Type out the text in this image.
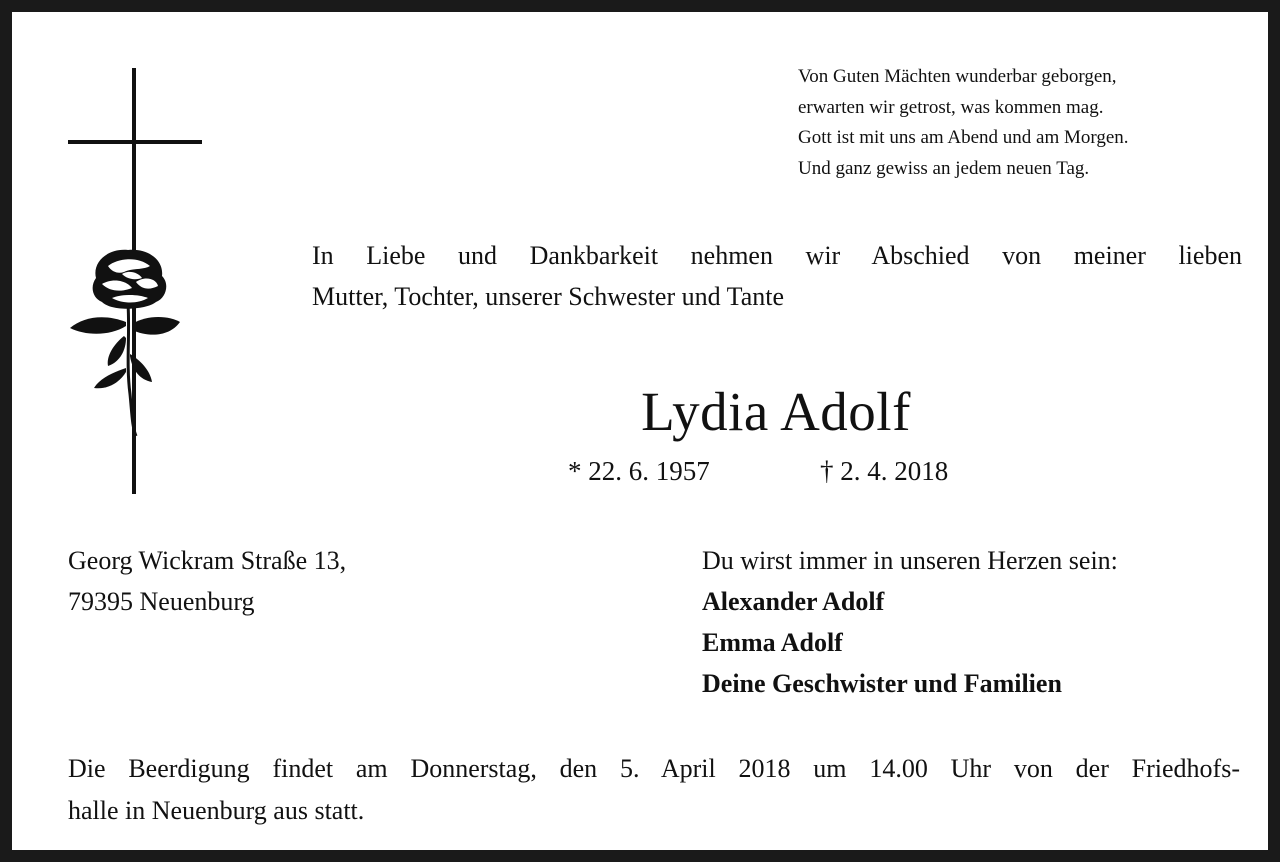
Von Guten Mächten wunderbar geborgen,
erwarten wir getrost, was kommen mag.
Gott ist mit uns am Abend und am Morgen.
Und ganz gewiss an jedem neuen Tag.
In Liebe und Dankbarkeit nehmen wir Abschied von meiner lieben
Mutter, Tochter, unserer Schwester und Tante
Lydia Adolf
* 22. 6. 1957	† 2. 4. 2018
Georg Wickram Straße 13,
79395 Neuenburg
Du wirst immer in unseren Herzen sein:
Alexander Adolf
Emma Adolf
Deine Geschwister und Familien
Die Beerdigung findet am Donnerstag, den 5. April 2018 um 14.00 Uhr von der Friedhofs-
halle in Neuenburg aus statt.
